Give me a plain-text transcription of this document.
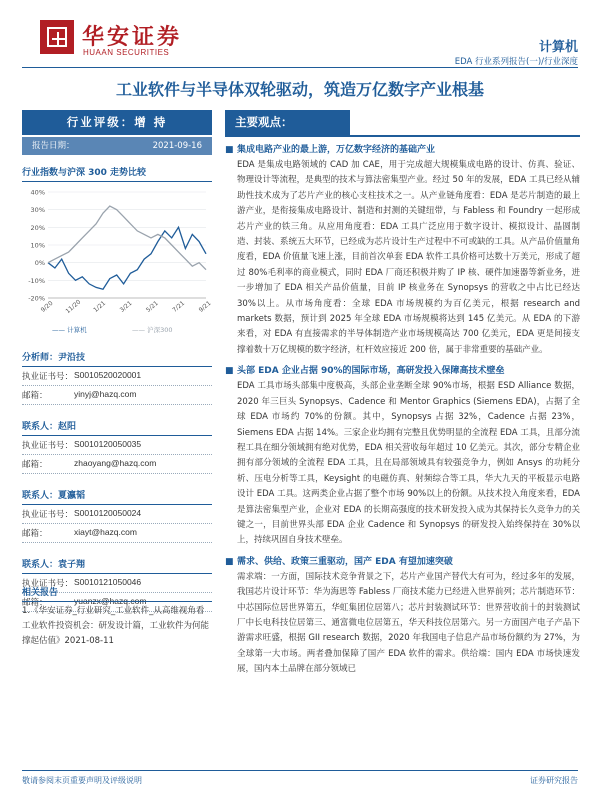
华安证券
HUAAN SECURITIES	计算机
EDA 行业系列报告(一)/行业深度
工业软件与半导体双轮驱动，筑造万亿数字产业根基
行业评级：增 持
报告日期：	2021-09-16
行业指数与沪深 300 走势比较
40%
30%
20%
10%
0%
-10%
-20%
9/20 11/20 1/21 3/21 5/21 7/21 9/21
—— 计算机	—— 沪深300
分析师：尹沿技
执业证书号： S0010520020001
邮箱：	yinyj@hazq.com
联系人：赵阳
执业证书号： S0010120050035
邮箱：	zhaoyang@hazq.com
联系人：夏瀛韬
执业证书号： S0010120050024
邮箱：	xiayt@hazq.com
联系人：袁子翔
执业证书号： S0010121050046
邮箱：	yuanzx@hazq.com
相关报告
1.《华安证券_行业研究_工业软件_从高维视角看工业软件投资机会：研发设计篇，工业软件为何能撑起估值》2021-08-11
主要观点：
■ 集成电路产业的最上游，万亿数字经济的基础产业
EDA 是集成电路领域的 CAD 加 CAE，用于完成超大规模集成电路的设计、仿真、验证、物理设计等流程，是典型的技术与算法密集型产业。经过 50 年的发展，EDA 工具已经从辅助性技术成为了芯片产业的核心支柱技术之一。从产业链角度看：EDA 是芯片制造的最上游产业，是衔接集成电路设计、制造和封测的关键纽带，与 Fabless 和 Foundry 一起形成芯片产业的铁三角。从应用角度看：EDA 工具广泛应用于数字设计、模拟设计、晶圆制造、封装、系统五大环节，已经成为芯片设计生产过程中不可或缺的工具。从产品价值量角度看，EDA 价值量飞速上涨，目前首次单套 EDA 软件工具价格可达数十万美元，形成了超过 80%毛利率的商业模式，同时 EDA 厂商还积极并购了 IP 核、硬件加速器等新业务，进一步增加了 EDA 相关产品价值量，目前 IP 核业务在 Synopsys 的营收之中占比已经达 30%以上。从市场角度看：全球 EDA 市场规模约为百亿美元，根据 research and markets 数据，预计到 2025 年全球 EDA 市场规模将达到 145 亿美元。从 EDA 的下游来看，对 EDA 有直接需求的半导体制造产业市场规模高达 700 亿美元，EDA 更是间接支撑着数十万亿规模的数字经济，杠杆效应接近 200 倍，属于非常重要的基础产业。
■ 头部 EDA 企业占据 90%的国际市场，高研发投入保障高技术壁垒
EDA 工具市场头部集中度极高，头部企业垄断全球 90%市场，根据 ESD Alliance 数据，2020 年三巨头 Synopsys、Cadence 和 Mentor Graphics (Siemens EDA)，占据了全球 EDA 市场约 70%的份额。其中，Synopsys 占据 32%，Cadence 占据 23%，Siemens EDA 占据 14%。三家企业均拥有完整且优势明显的全流程 EDA 工具，且部分流程工具在细分领域拥有绝对优势，EDA 相关营收每年超过 10 亿美元。其次，部分专精企业拥有部分领域的全流程 EDA 工具，且在局部领域具有较强竞争力，例如 Ansys 的功耗分析、压电分析等工具，Keysight 的电磁仿真、射频综合等工具，华大九天的平板显示电路设计 EDA 工具。这两类企业占据了整个市场 90%以上的份额。从技术投入角度来看，EDA 是算法密集型产业，企业对 EDA 的长期高强度的技术研发投入成为其保持长久竞争力的关键之一，目前世界头部 EDA 企业 Cadence 和 Synopsys 的研发投入始终保持在 30%以上，持续巩固自身技术壁垒。
■ 需求、供给、政策三重驱动，国产 EDA 有望加速突破
需求端：一方面，国际技术竞争背景之下，芯片产业国产替代大有可为，经过多年的发展，我国芯片设计环节：华为海思等 Fabless 厂商技术能力已经进入世界前列；芯片制造环节：中芯国际位居世界第五，华虹集团位居第八；芯片封装测试环节：世界营收前十的封装测试厂中长电科技位居第三、通富微电位居第五，华天科技位居第六。另一方面国产电子产品下游需求旺盛，根据 GII research 数据，2020 年我国电子信息产品市场份额约为 27%，为全球第一大市场。两者叠加保障了国产 EDA 软件的需求。供给端：国内 EDA 市场快速发展，国内本土品牌在部分领域已
敬请参阅末页重要声明及评级说明	证券研究报告
